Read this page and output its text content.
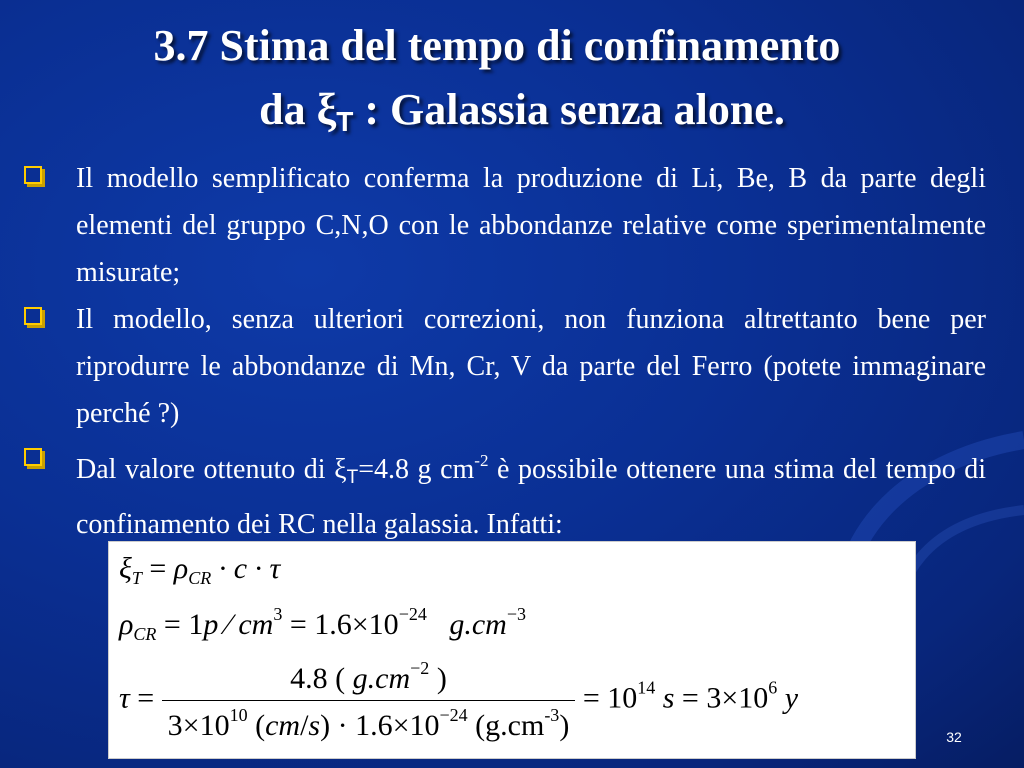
3.7 Stima del tempo di confinamento
da ξT : Galassia senza alone.
Il modello semplificato conferma la produzione di Li, Be, B da parte degli elementi del gruppo C,N,O con le abbondanze relative come sperimentalmente misurate;
Il modello, senza ulteriori correzioni, non funziona altrettanto bene per riprodurre le abbondanze di Mn, Cr, V da parte del Ferro (potete immaginare perché ?)
Dal valore ottenuto di ξT=4.8 g $cm^{-2}$ è possibile ottenere una stima del tempo di confinamento dei RC nella galassia. Infatti:
$\xi_T = \rho_{CR} \cdot c \cdot \tau$
$\rho_{CR} = 1p$ ⁄ $cm^3 = 1.6\times 10^{-24}$ $g.cm^{-3}$
$\tau = \frac{4.8 ( g.cm^{-2} )}{3\times 10^{10} (cm/s) \cdot 1.6\times 10^{-24} (g.cm^{-3})} = 10^{14}$ $s = 3\times 10^6$ y
32
